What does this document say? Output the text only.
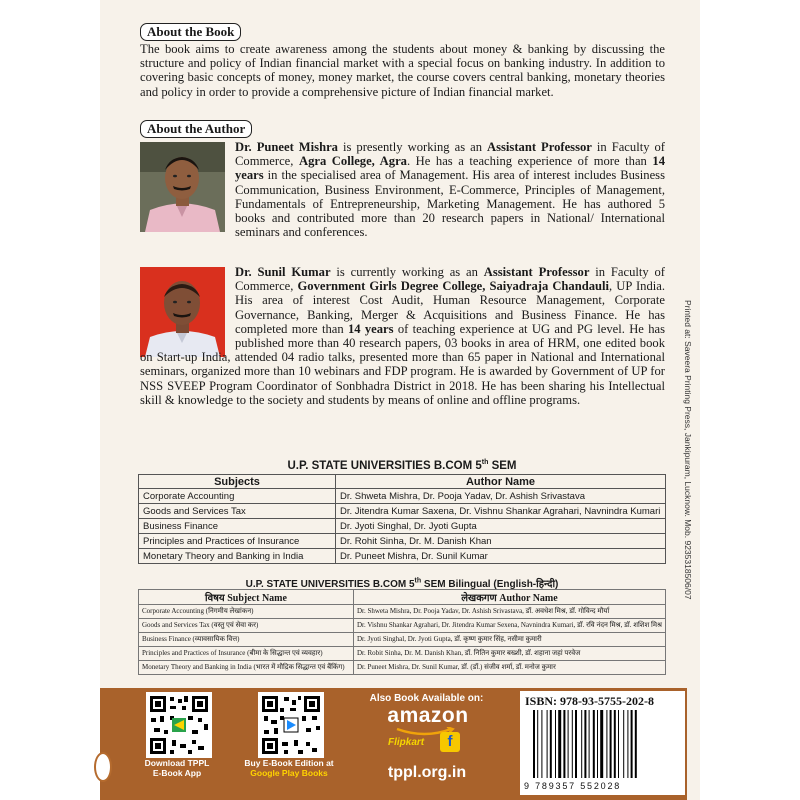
About the Book
The book aims to create awareness among the students about money & banking by discussing the structure and policy of Indian financial market with a special focus on banking industry. In addition to covering basic concepts of money, money market, the course covers central banking, monetary theories and policy in order to provide a comprehensive picture of Indian financial market.
About the Author
Dr. Puneet Mishra is presently working as an Assistant Professor in Faculty of Commerce, Agra College, Agra. He has a teaching experience of more than 14 years in the specialised area of Management. His area of interest includes Business Communication, Business Environment, E-Commerce, Principles of Management, Fundamentals of Entrepreneurship, Marketing Management. He has authored 5 books and contributed more than 20 research papers in National/ International seminars and conferences.
Dr. Sunil Kumar is currently working as an Assistant Professor in Faculty of Commerce, Government Girls Degree College, Saiyadraja Chandauli, UP India. His area of interest Cost Audit, Human Resource Management, Corporate Governance, Banking, Merger & Acquisitions and Business Finance. He has completed more than 14 years of teaching experience at UG and PG level. He has published more than 40 research papers, 03 books in area of HRM, one edited book on Start-up India, attended 04 radio talks, presented more than 65 paper in National and International seminars, organized more than 10 webinars and FDP program. He is awarded by Government of UP for NSS SVEEP Program Coordinator of Sonbhadra District in 2018. He has been sharing his Intellectual skill & knowledge to the society and students by means of online and offline programs.	Printed at: Saveera Printing Press, Jankipuram, Lucknow. Mob. 9235318506/07
U.P. STATE UNIVERSITIES B.COM 5th SEM
Subjects	Author Name
Corporate Accounting	Dr. Shweta Mishra, Dr. Pooja Yadav, Dr. Ashish Srivastava
Goods and Services Tax	Dr. Jitendra Kumar Saxena, Dr. Vishnu Shankar Agrahari, Navnindra Kumari
Business Finance	Dr. Jyoti Singhal, Dr. Jyoti Gupta
Principles and Practices of Insurance	Dr. Rohit Sinha, Dr. M. Danish Khan
Monetary Theory and Banking in India	Dr. Puneet Mishra, Dr. Sunil Kumar
U.P. STATE UNIVERSITIES B.COM 5th SEM Bilingual (English-हिन्दी)
विषय Subject Name	लेखकगण Author Name
Corporate Accounting (निगमीय लेखांकन)	Dr. Shweta Mishra, Dr. Pooja Yadav, Dr. Ashish Srivastava, डॉ. अवधेश मिश्र, डॉ. गोविन्द मौर्या
Goods and Services Tax (वस्तु एवं सेवा कर)	Dr. Vishnu Shankar Agrahari, Dr. Jitendra Kumar Sexena, Navnindra Kumari, डॉ. रवि नंदन मिश्र, डॉ. शशिश मिश्र
Business Finance (व्यावसायिक वित्त)	Dr. Jyoti Singhal, Dr. Jyoti Gupta, डॉ. कृष्ण कुमार सिंह, नसीमा कुमारी
Principles and Practices of Insurance (बीमा के सिद्धान्त एवं व्यवहार)	Dr. Robit Sinha, Dr. M. Danish Khan, डॉ. नितिन कुमार बख्शी, डॉ. शहाना जहां परवेज
Monetary Theory and Banking in India (भारत में मौद्रिक सिद्धान्त एवं बैंकिंग)	Dr. Puneet Mishra, Dr. Sunil Kumar, डॉ. (डॉ.) संजीव शर्मा, डॉ. मनोज कुमार
Download TPPL
E-Book App
Buy E-Book Edition at
Google Play Books
Also Book Available on:
amazon
Flipkart	f
tppl.org.in
ISBN: 978-93-5755-202-8
9 789357 552028
